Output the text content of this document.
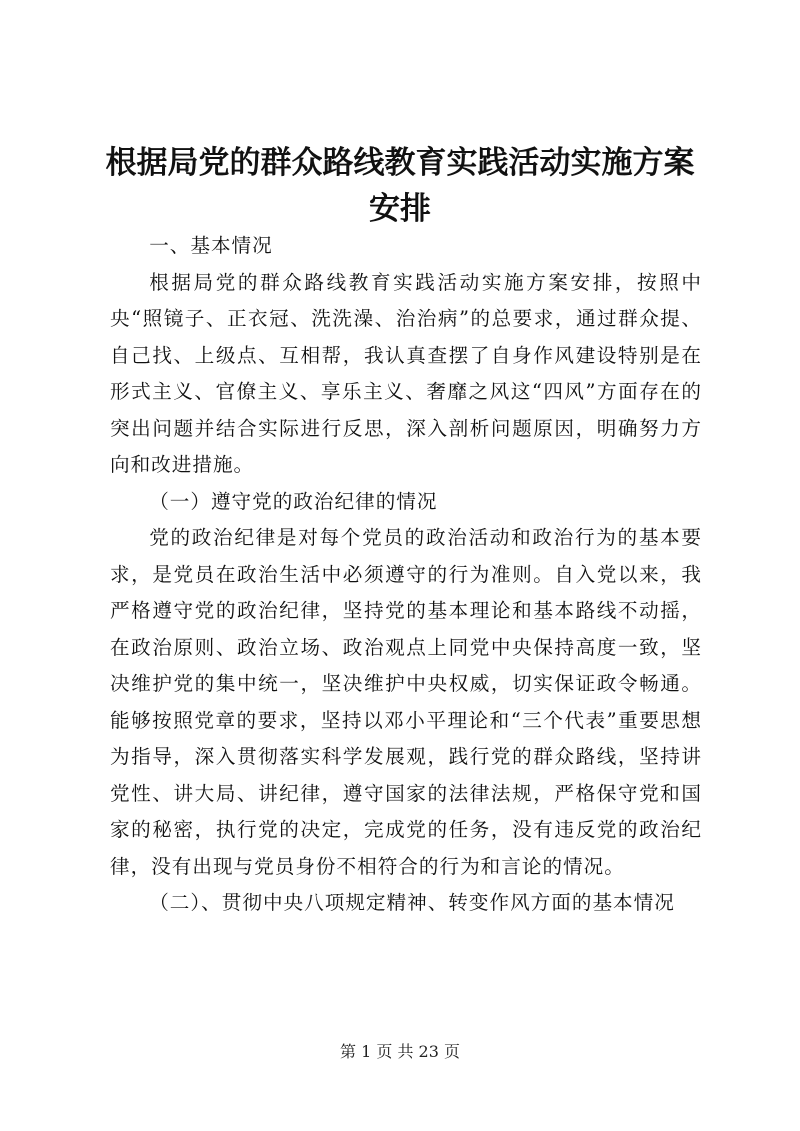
根据局党的群众路线教育实践活动实施方案安排

一、基本情况

根据局党的群众路线教育实践活动实施方案安排，按照中央“照镜子、正衣冠、洗洗澡、治治病”的总要求，通过群众提、自己找、上级点、互相帮，我认真查摆了自身作风建设特别是在形式主义、官僚主义、享乐主义、奢靡之风这“四风”方面存在的突出问题并结合实际进行反思，深入剖析问题原因，明确努力方向和改进措施。

（一）遵守党的政治纪律的情况

党的政治纪律是对每个党员的政治活动和政治行为的基本要求，是党员在政治生活中必须遵守的行为准则。自入党以来，我严格遵守党的政治纪律，坚持党的基本理论和基本路线不动摇，在政治原则、政治立场、政治观点上同党中央保持高度一致，坚决维护党的集中统一，坚决维护中央权威，切实保证政令畅通。能够按照党章的要求，坚持以邓小平理论和“三个代表”重要思想为指导，深入贯彻落实科学发展观，践行党的群众路线，坚持讲党性、讲大局、讲纪律，遵守国家的法律法规，严格保守党和国家的秘密，执行党的决定，完成党的任务，没有违反党的政治纪律，没有出现与党员身份不相符合的行为和言论的情况。

（二）、贯彻中央八项规定精神、转变作风方面的基本情况

第 1 页 共 23 页
